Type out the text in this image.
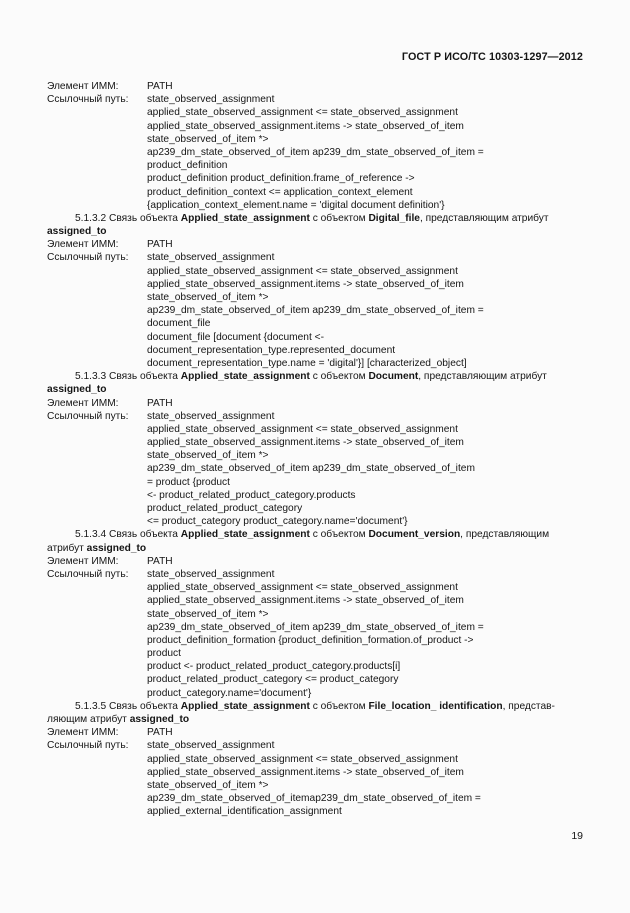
ГОСТ Р ИСО/ТС 10303-1297—2012
Элемент ИММ:	PATH
Ссылочный путь:	state_observed_assignment
applied_state_observed_assignment <= state_observed_assignment
applied_state_observed_assignment.items -> state_observed_of_item
state_observed_of_item *>
ap239_dm_state_observed_of_item ap239_dm_state_observed_of_item =
product_definition
product_definition product_definition.frame_of_reference ->
product_definition_context <= application_context_element
{application_context_element.name = 'digital document definition'}
5.1.3.2 Связь объекта Applied_state_assignment с объектом Digital_file, представляющим атрибут
assigned_to
Элемент ИММ:	PATH
Ссылочный путь:	state_observed_assignment
applied_state_observed_assignment <= state_observed_assignment
applied_state_observed_assignment.items -> state_observed_of_item
state_observed_of_item *>
ap239_dm_state_observed_of_item ap239_dm_state_observed_of_item =
document_file
document_file [document {document <-
document_representation_type.represented_document
document_representation_type.name = 'digital'}] [characterized_object]
5.1.3.3 Связь объекта Applied_state_assignment с объектом Document, представляющим атрибут
assigned_to
Элемент ИММ:	PATH
Ссылочный путь:	state_observed_assignment
applied_state_observed_assignment <= state_observed_assignment
applied_state_observed_assignment.items -> state_observed_of_item
state_observed_of_item *>
ap239_dm_state_observed_of_item ap239_dm_state_observed_of_item
= product {product
<- product_related_product_category.products
product_related_product_category
<= product_category product_category.name='document'}
5.1.3.4 Связь объекта Applied_state_assignment с объектом Document_version, представляющим
атрибут assigned_to
Элемент ИММ:	PATH
Ссылочный путь:	state_observed_assignment
applied_state_observed_assignment <= state_observed_assignment
applied_state_observed_assignment.items -> state_observed_of_item
state_observed_of_item *>
ap239_dm_state_observed_of_item ap239_dm_state_observed_of_item =
product_definition_formation {product_definition_formation.of_product ->
product
product <- product_related_product_category.products[i]
product_related_product_category <= product_category
product_category.name='document'}
5.1.3.5 Связь объекта Applied_state_assignment с объектом File_location_ identification, представ-
ляющим атрибут assigned_to
Элемент ИММ:	PATH
Ссылочный путь:	state_observed_assignment
applied_state_observed_assignment <= state_observed_assignment
applied_state_observed_assignment.items -> state_observed_of_item
state_observed_of_item *>
ap239_dm_state_observed_of_itemap239_dm_state_observed_of_item =
applied_external_identification_assignment
19
